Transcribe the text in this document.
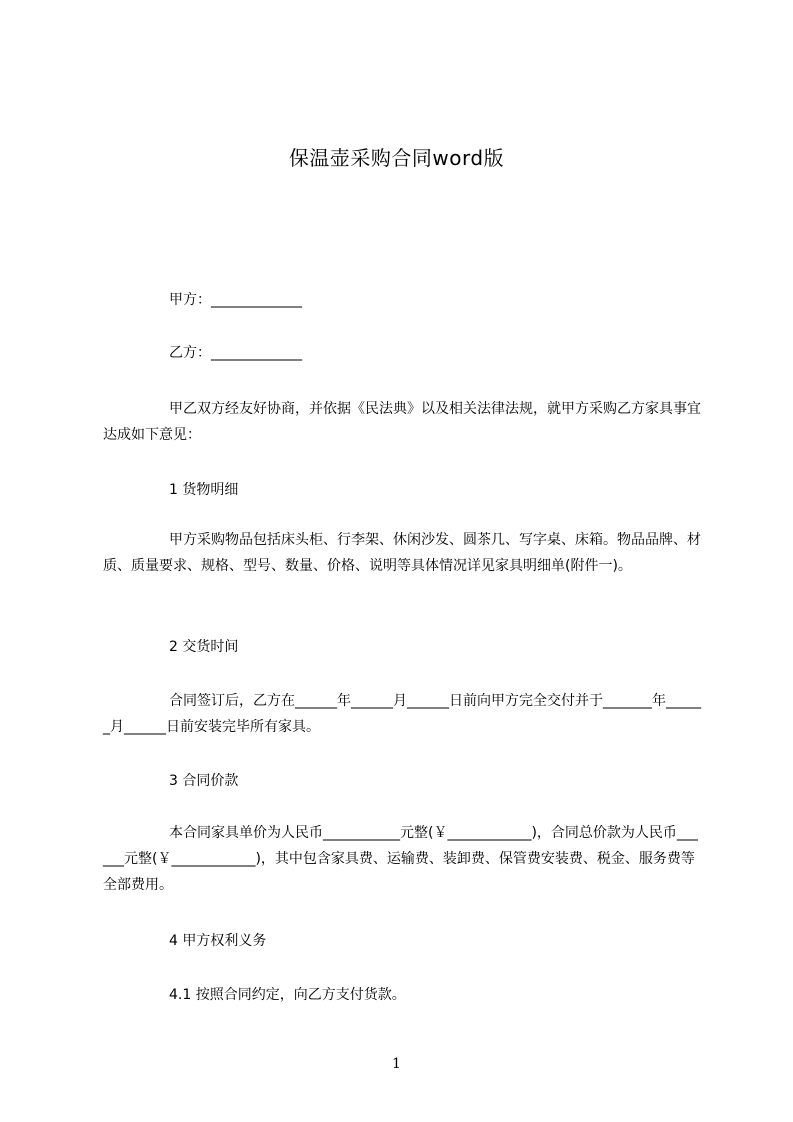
保温壶采购合同word版
甲方：_____________
乙方：_____________
甲乙双方经友好协商，并依据《民法典》以及相关法律法规，就甲方采购乙方家具事宜达成如下意见：
1 货物明细
甲方采购物品包括床头柜、行李架、休闲沙发、圆茶几、写字桌、床箱。物品品牌、材质、质量要求、规格、型号、数量、价格、说明等具体情况详见家具明细单(附件一)。
2 交货时间
合同签订后，乙方在______年______月______日前向甲方完全交付并于_______年______月______日前安装完毕所有家具。
3 合同价款
本合同家具单价为人民币___________元整(￥____________)，合同总价款为人民币______元整(￥____________)，其中包含家具费、运输费、装卸费、保管费安装费、税金、服务费等全部费用。
4 甲方权利义务
4.1 按照合同约定，向乙方支付货款。
1
